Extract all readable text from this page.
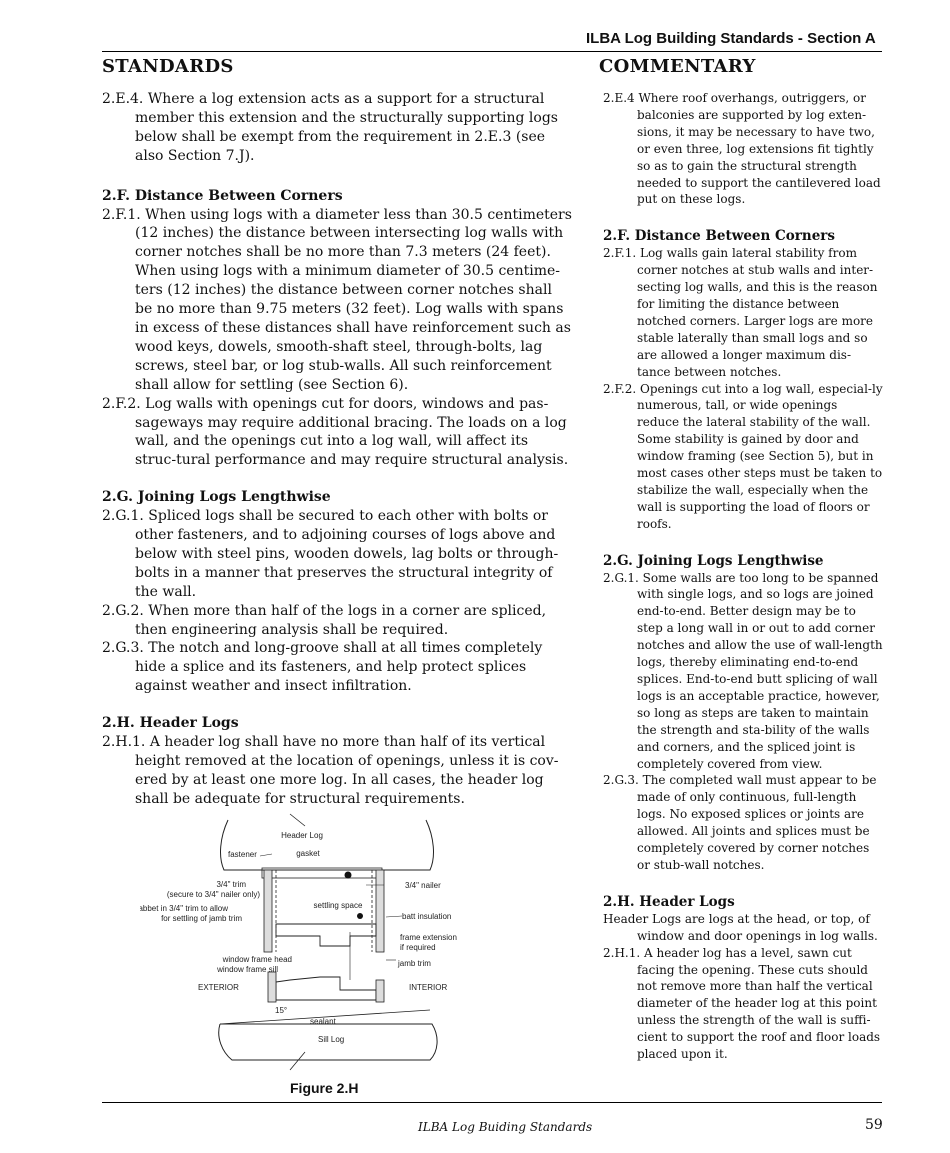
ILBA Log Building Standards - Section A
STANDARDS	COMMENTARY

2.E.4. Where a log extension acts as a support for a structural member this extension and the structurally supporting logs below shall be exempt from the requirement in 2.E.3 (see also Section 7.J).

2.F. Distance Between Corners

2.F.1. When using logs with a diameter less than 30.5 centimeters (12 inches) the distance between intersecting log walls with corner notches shall be no more than 7.3 meters (24 feet). When using logs with a minimum diameter of 30.5 centime-ters (12 inches) the distance between corner notches shall be no more than 9.75 meters (32 feet). Log walls with spans in excess of these distances shall have reinforcement such as wood keys, dowels, smooth-shaft steel, through-bolts, lag screws, steel bar, or log stub-walls. All such reinforcement shall allow for settling (see Section 6).

2.F.2. Log walls with openings cut for doors, windows and pas-sageways may require additional bracing. The loads on a log wall, and the openings cut into a log wall, will affect its struc-tural performance and may require structural analysis.

2.G. Joining Logs Lengthwise

2.G.1. Spliced logs shall be secured to each other with bolts or other fasteners, and to adjoining courses of logs above and below with steel pins, wooden dowels, lag bolts or through-bolts in a manner that preserves the structural integrity of the wall.

2.G.2. When more than half of the logs in a corner are spliced, then engineering analysis shall be required.

2.G.3. The notch and long-groove shall at all times completely hide a splice and its fasteners, and help protect splices against weather and insect infiltration.

2.H. Header Logs

2.H.1. A header log shall have no more than half of its vertical height removed at the location of openings, unless it is cov-ered by at least one more log. In all cases, the header log shall be adequate for structural requirements.

2.E.4 Where roof overhangs, outriggers, or balconies are supported by log exten-sions, it may be necessary to have two, or even three, log extensions fit tightly so as to gain the structural strength needed to support the cantilevered load put on these logs.

2.F. Distance Between Corners

2.F.1. Log walls gain lateral stability from corner notches at stub walls and inter-secting log walls, and this is the reason for limiting the distance between notched corners. Larger logs are more stable laterally than small logs and so are allowed a longer maximum dis-tance between notches.

2.F.2. Openings cut into a log wall, especial-ly numerous, tall, or wide openings reduce the lateral stability of the wall. Some stability is gained by door and window framing (see Section 5), but in most cases other steps must be taken to stabilize the wall, especially when the wall is supporting the load of floors or roofs.

2.G. Joining Logs Lengthwise

2.G.1. Some walls are too long to be spanned with single logs, and so logs are joined end-to-end. Better design may be to step a long wall in or out to add corner notches and allow the use of wall-length logs, thereby eliminating end-to-end splices. End-to-end butt splicing of wall logs is an acceptable practice, however, so long as steps are taken to maintain the strength and sta-bility of the walls and corners, and the spliced joint is completely covered from view.

2.G.3. The completed wall must appear to be made of only continuous, full-length logs. No exposed splices or joints are allowed. All joints and splices must be completely covered by corner notches or stub-wall notches.

2.H. Header Logs

Header Logs are logs at the head, or top, of window and door openings in log walls.

2.H.1. A header log has a level, sawn cut facing the opening. These cuts should not remove more than half the vertical diameter of the header log at this point unless the strength of the wall is suffi-cient to support the roof and floor loads placed upon it.

Header Log
fastener	gasket
3/4" trim
(secure to 3/4" nailer only)
3/4" nailer
rabbet in 3/4" trim to allow
for settling of jamb trim
settling space
batt insulation
frame extension
if required
window frame head
window frame sill
jamb trim
EXTERIOR	INTERIOR
15°
sealant
Sill Log
Figure 2.H
ILBA Log Buiding Standards	59
